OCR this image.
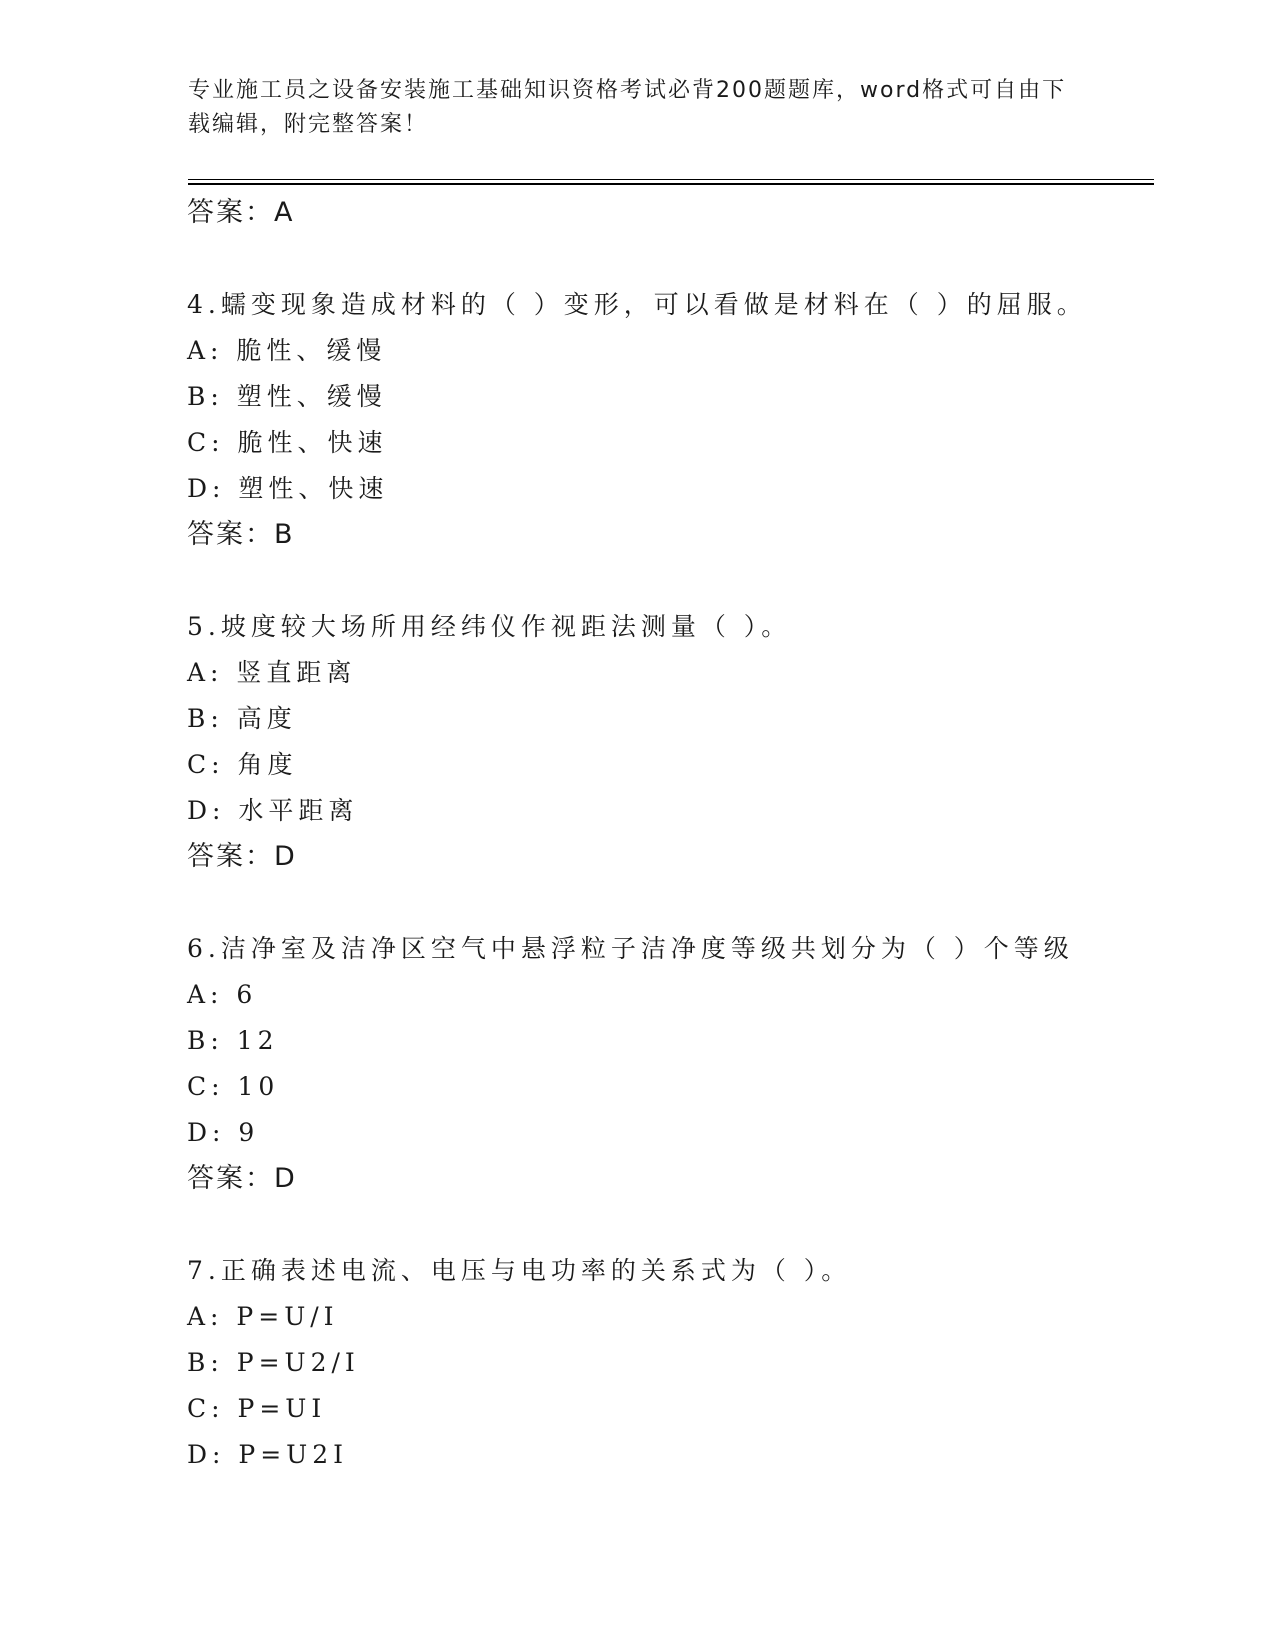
专业施工员之设备安装施工基础知识资格考试必背200题题库，word格式可自由下载编辑，附完整答案！
答案：A
4.蠕变现象造成材料的（ ）变形，可以看做是材料在（ ）的屈服。
A: 脆性、缓慢
B: 塑性、缓慢
C: 脆性、快速
D: 塑性、快速
答案：B
5.坡度较大场所用经纬仪作视距法测量（ ）。
A: 竖直距离
B: 高度
C: 角度
D: 水平距离
答案：D
6.洁净室及洁净区空气中悬浮粒子洁净度等级共划分为（ ）个等级
A: 6
B: 12
C: 10
D: 9
答案：D
7.正确表述电流、电压与电功率的关系式为（ ）。
A: P=U/I
B: P=U2/I
C: P=UI
D: P=U2I
